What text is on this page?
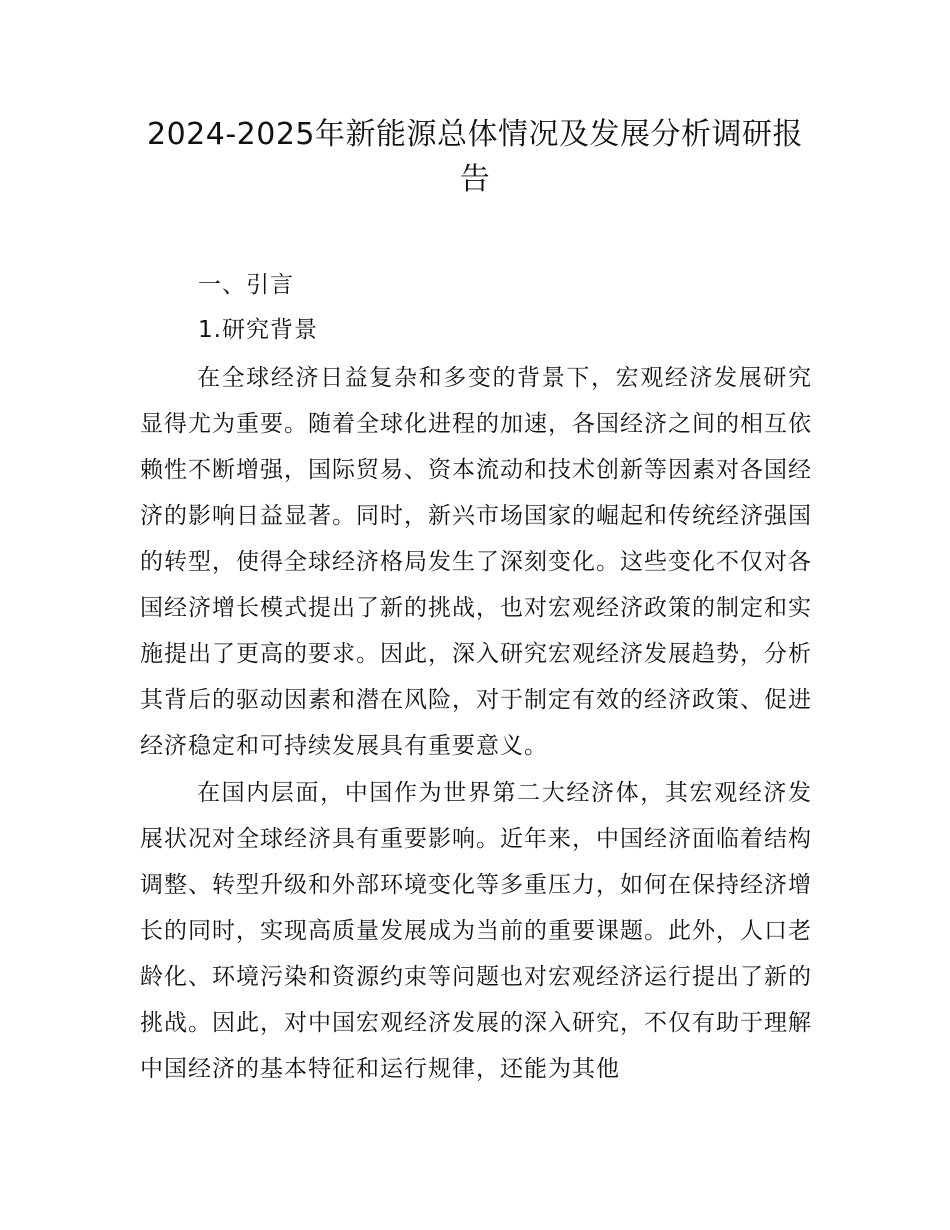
2024-2025年新能源总体情况及发展分析调研报告
一、引言
1.研究背景

在全球经济日益复杂和多变的背景下，宏观经济发展研究显得尤为重要。随着全球化进程的加速，各国经济之间的相互依赖性不断增强，国际贸易、资本流动和技术创新等因素对各国经济的影响日益显著。同时，新兴市场国家的崛起和传统经济强国的转型，使得全球经济格局发生了深刻变化。这些变化不仅对各国经济增长模式提出了新的挑战，也对宏观经济政策的制定和实施提出了更高的要求。因此，深入研究宏观经济发展趋势，分析其背后的驱动因素和潜在风险，对于制定有效的经济政策、促进经济稳定和可持续发展具有重要意义。

在国内层面，中国作为世界第二大经济体，其宏观经济发展状况对全球经济具有重要影响。近年来，中国经济面临着结构调整、转型升级和外部环境变化等多重压力，如何在保持经济增长的同时，实现高质量发展成为当前的重要课题。此外，人口老龄化、环境污染和资源约束等问题也对宏观经济运行提出了新的挑战。因此，对中国宏观经济发展的深入研究，不仅有助于理解中国经济的基本特征和运行规律，还能为其他
